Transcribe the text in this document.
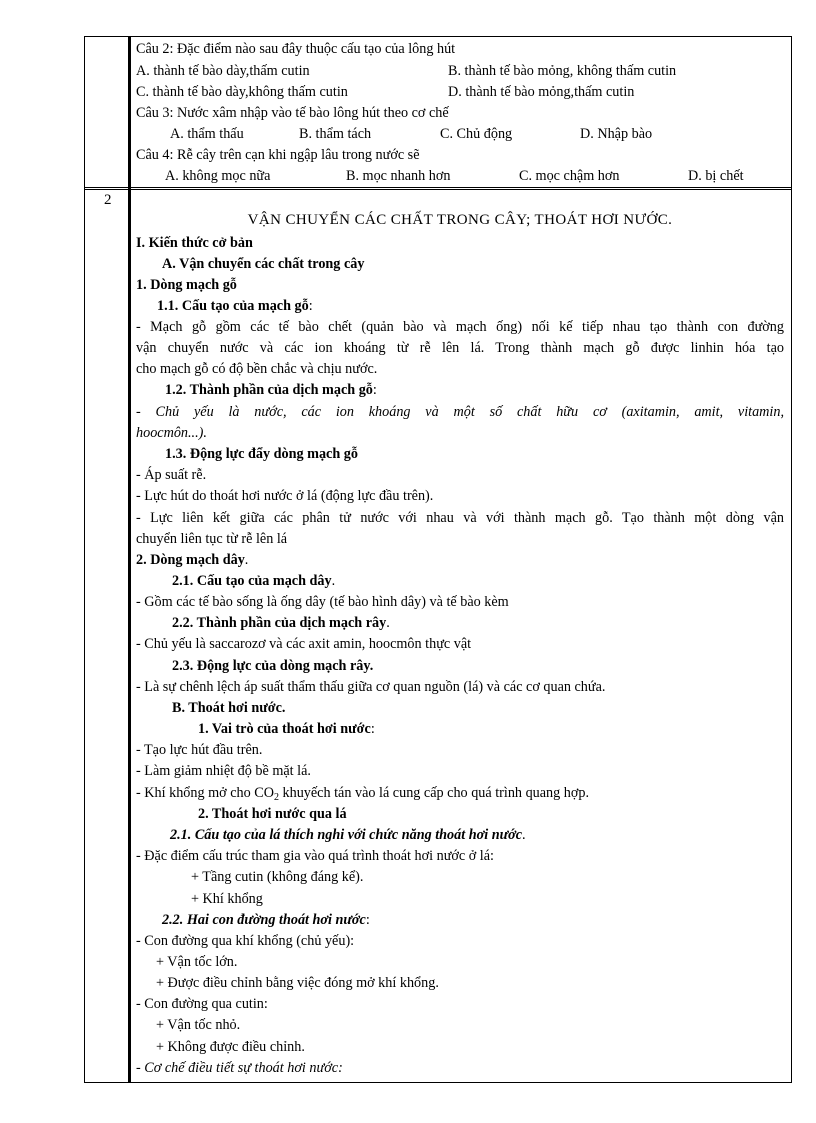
Câu 2: Đặc điểm nào sau đây thuộc cấu tạo của lông hút
A. thành tế bào dày,thấm cutin	B. thành tế bào mỏng, không thấm cutin
C. thành tế bào dày,không thấm cutin	D. thành tế bào mỏng,thấm cutin
Câu 3: Nước xâm nhập vào tế bào lông hút theo cơ chế
A. thẩm thấu	B. thẩm tách	C. Chủ động	D. Nhập bào
Câu 4: Rễ cây trên cạn khi ngập lâu trong nước sẽ
A. không mọc nữa	B. mọc nhanh hơn	C. mọc chậm hơn	D. bị chết
2
VẬN CHUYỂN CÁC CHẤT TRONG CÂY; THOÁT HƠI NƯỚC.
I. Kiến thức cở bản
A. Vận chuyển các chất trong cây
1. Dòng mạch gỗ
1.1. Cấu tạo của mạch gỗ:
- Mạch gỗ gồm các tế bào chết (quản bào và mạch ống) nối kế tiếp nhau tạo thành con đường
vận chuyển nước và các ion khoáng từ rễ lên lá. Trong thành mạch gỗ được linhin hóa tạo
cho mạch gỗ có độ bền chắc và chịu nước.
1.2. Thành phần của dịch mạch gỗ:
- Chủ yếu là nước, các ion khoáng và một số chất hữu cơ (axitamin, amit, vitamin,
hoocmôn...).
1.3. Động lực đẩy dòng mạch gỗ
- Áp suất rễ.
- Lực hút do thoát hơi nước ở lá (động lực đầu trên).
- Lực liên kết giữa các phân tử nước với nhau và với thành mạch gỗ. Tạo thành một dòng vận
chuyển liên tục từ rễ lên lá
2. Dòng mạch dây.
2.1. Cấu tạo của mạch dây.
- Gồm các tế bào sống là ống dây (tế bào hình dây) và tế bào kèm
2.2. Thành phần của dịch mạch rây.
- Chủ yếu là saccarozơ và các axit amin, hoocmôn thực vật
2.3. Động lực của dòng mạch rây.
- Là sự chênh lệch áp suất thẩm thấu giữa cơ quan nguồn (lá) và các cơ quan chứa.
B. Thoát hơi nước.
1. Vai trò của thoát hơi nước:
- Tạo lực hút đầu trên.
- Làm giảm nhiệt độ bề mặt lá.
- Khí khổng mở cho $CO_2$ khuyếch tán vào lá cung cấp cho quá trình quang hợp.
2. Thoát hơi nước qua lá
2.1. Cấu tạo của lá thích nghi với chức năng thoát hơi nước.
- Đặc điểm cấu trúc tham gia vào quá trình thoát hơi nước ở lá:
+ Tầng cutin (không đáng kể).
+ Khí khổng
2.2. Hai con đường thoát hơi nước:
- Con đường qua khí khổng (chủ yếu):
+ Vận tốc lớn.
+ Được điều chỉnh bằng việc đóng mở khí khổng.
- Con đường qua cutin:
+ Vận tốc nhỏ.
+ Không được điều chỉnh.
- Cơ chế điều tiết sự thoát hơi nước:
